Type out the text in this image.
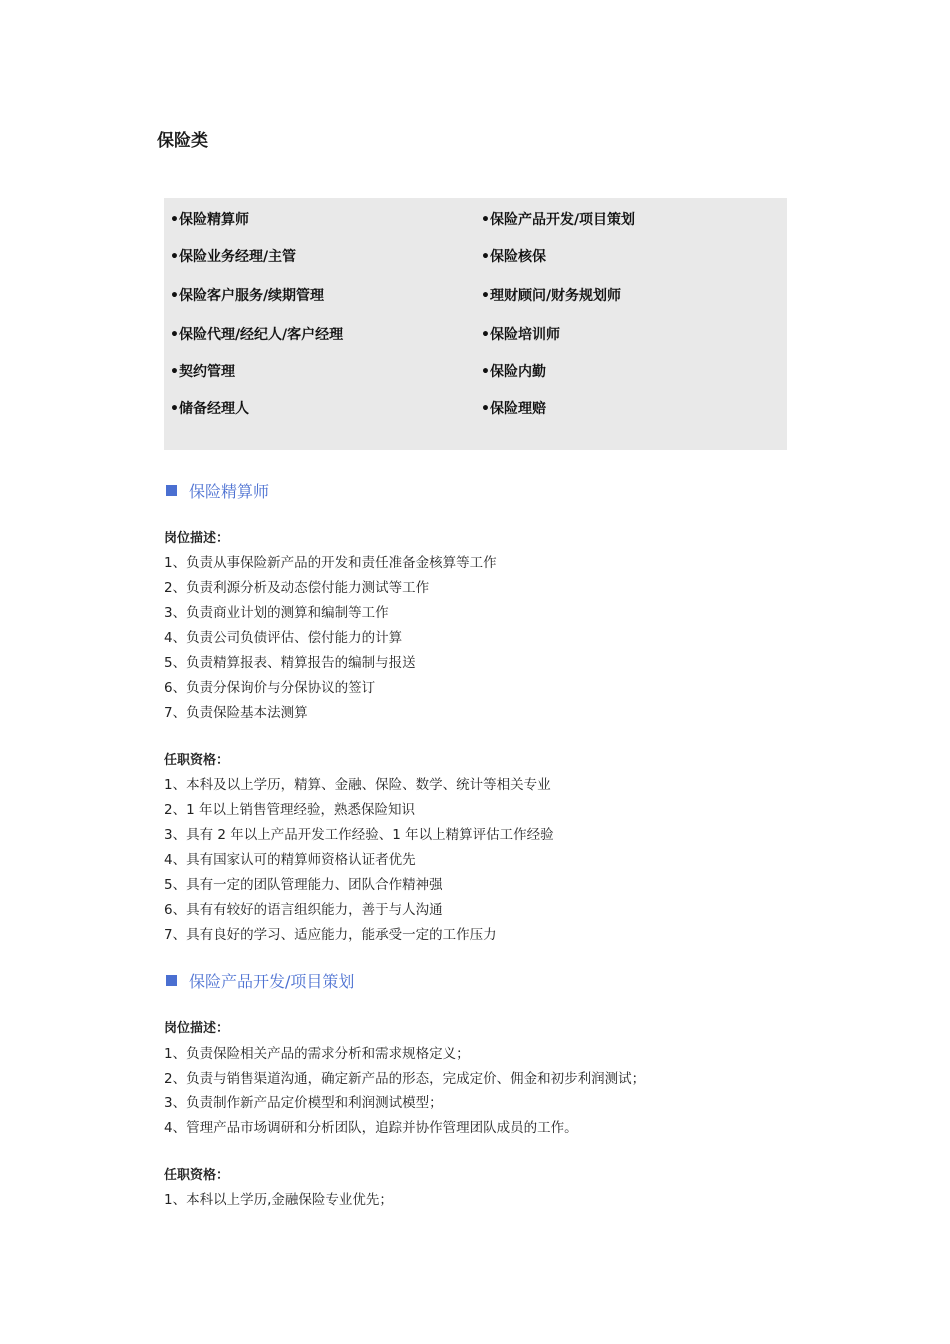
保险类
•保险精算师
•保险业务经理/主管
•保险客户服务/续期管理
•保险代理/经纪人/客户经理
•契约管理
•储备经理人
•保险产品开发/项目策划
•保险核保
•理财顾问/财务规划师
•保险培训师
•保险内勤
•保险理赔
保险精算师
岗位描述：
1、负责从事保险新产品的开发和责任准备金核算等工作
2、负责利源分析及动态偿付能力测试等工作
3、负责商业计划的测算和编制等工作
4、负责公司负债评估、偿付能力的计算
5、负责精算报表、精算报告的编制与报送
6、负责分保询价与分保协议的签订
7、负责保险基本法测算
任职资格：
1、本科及以上学历，精算、金融、保险、数学、统计等相关专业
2、1 年以上销售管理经验，熟悉保险知识
3、具有 2 年以上产品开发工作经验、1 年以上精算评估工作经验
4、具有国家认可的精算师资格认证者优先
5、具有一定的团队管理能力、团队合作精神强
6、具有有较好的语言组织能力，善于与人沟通
7、具有良好的学习、适应能力，能承受一定的工作压力
保险产品开发/项目策划
岗位描述：
1、负责保险相关产品的需求分析和需求规格定义；
2、负责与销售渠道沟通，确定新产品的形态，完成定价、佣金和初步利润测试；
3、负责制作新产品定价模型和利润测试模型；
4、管理产品市场调研和分析团队，追踪并协作管理团队成员的工作。
任职资格：
1、本科以上学历,金融保险专业优先；
